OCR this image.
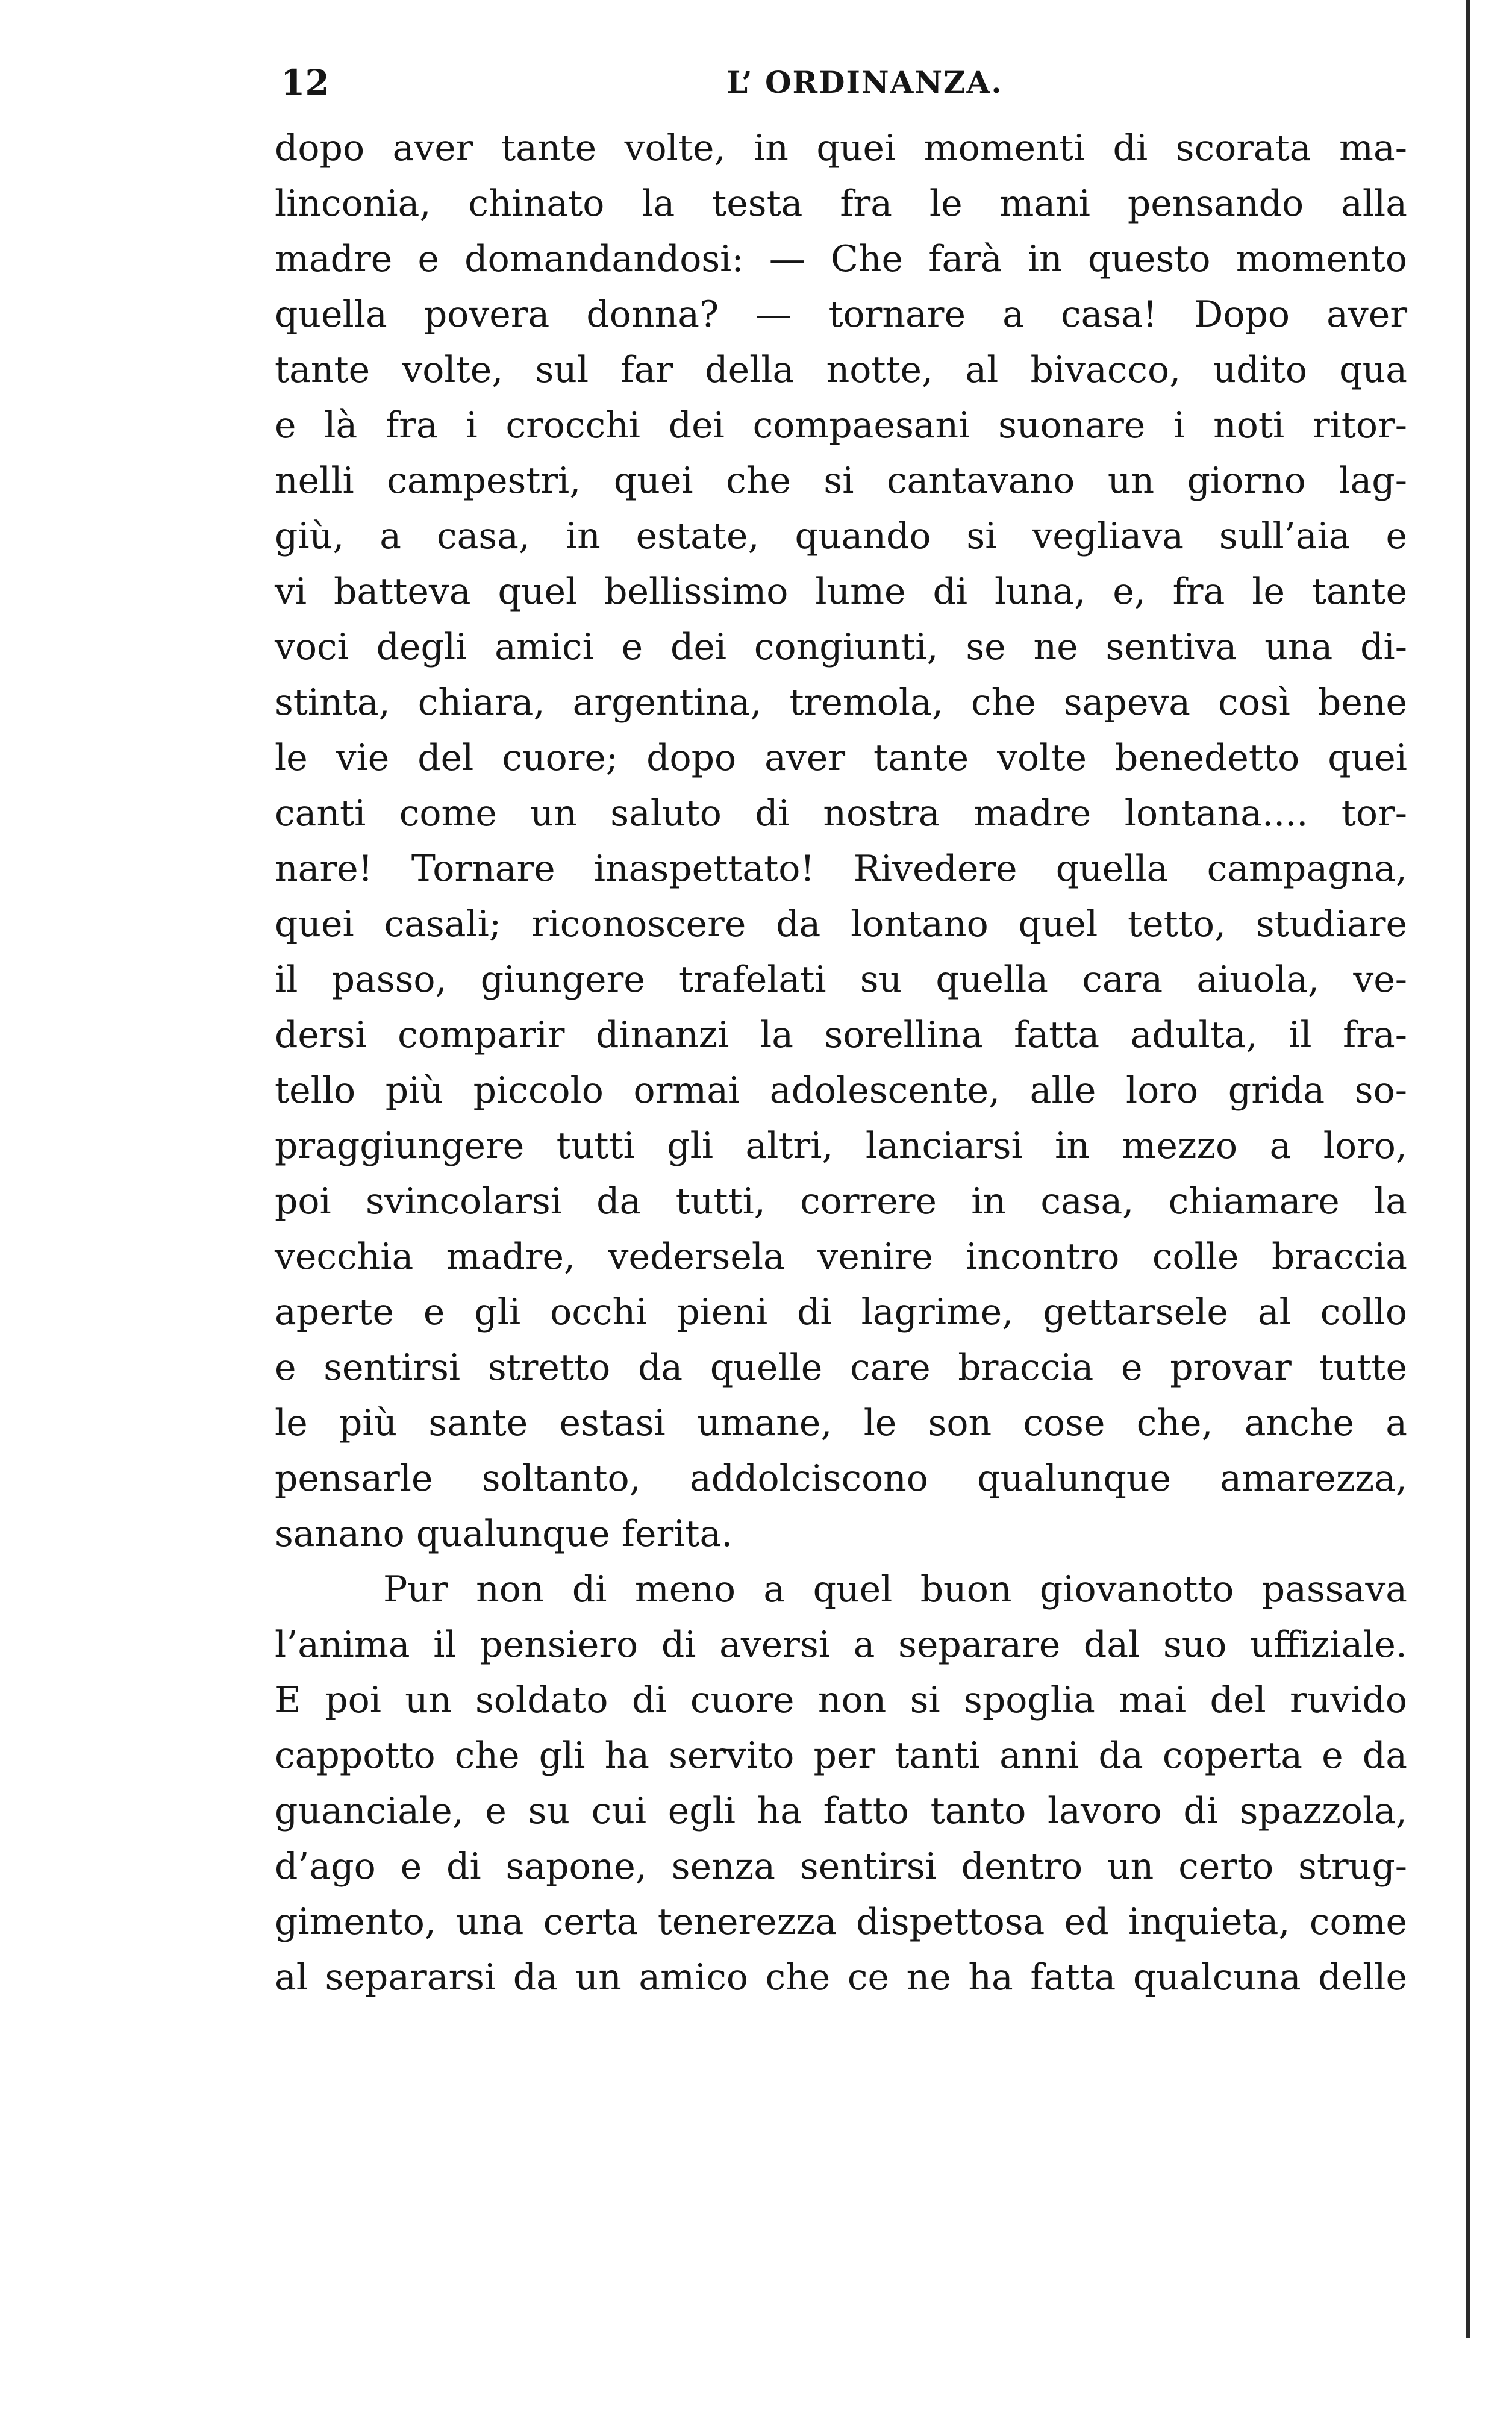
12	L’ ORDINANZA.
dopo aver tante volte, in quei momenti di scorata ma-
linconia, chinato la testa fra le mani pensando alla
madre e domandandosi: — Che farà in questo momento
quella povera donna? — tornare a casa! Dopo aver
tante volte, sul far della notte, al bivacco, udito qua
e là fra i crocchi dei compaesani suonare i noti ritor-
nelli campestri, quei che si cantavano un giorno lag-
giù, a casa, in estate, quando si vegliava sull’aia e
vi batteva quel bellissimo lume di luna, e, fra le tante
voci degli amici e dei congiunti, se ne sentiva una di-
stinta, chiara, argentina, tremola, che sapeva così bene
le vie del cuore; dopo aver tante volte benedetto quei
canti come un saluto di nostra madre lontana.... tor-
nare! Tornare inaspettato! Rivedere quella campagna,
quei casali; riconoscere da lontano quel tetto, studiare
il passo, giungere trafelati su quella cara aiuola, ve-
dersi comparir dinanzi la sorellina fatta adulta, il fra-
tello più piccolo ormai adolescente, alle loro grida so-
praggiungere tutti gli altri, lanciarsi in mezzo a loro,
poi svincolarsi da tutti, correre in casa, chiamare la
vecchia madre, vedersela venire incontro colle braccia
aperte e gli occhi pieni di lagrime, gettarsele al collo
e sentirsi stretto da quelle care braccia e provar tutte
le più sante estasi umane, le son cose che, anche a
pensarle soltanto, addolciscono qualunque amarezza,
sanano qualunque ferita.
Pur non di meno a quel buon giovanotto passava
l’anima il pensiero di aversi a separare dal suo uffiziale.
E poi un soldato di cuore non si spoglia mai del ruvido
cappotto che gli ha servito per tanti anni da coperta e da
guanciale, e su cui egli ha fatto tanto lavoro di spazzola,
d’ago e di sapone, senza sentirsi dentro un certo strug-
gimento, una certa tenerezza dispettosa ed inquieta, come
al separarsi da un amico che ce ne ha fatta qualcuna delle
